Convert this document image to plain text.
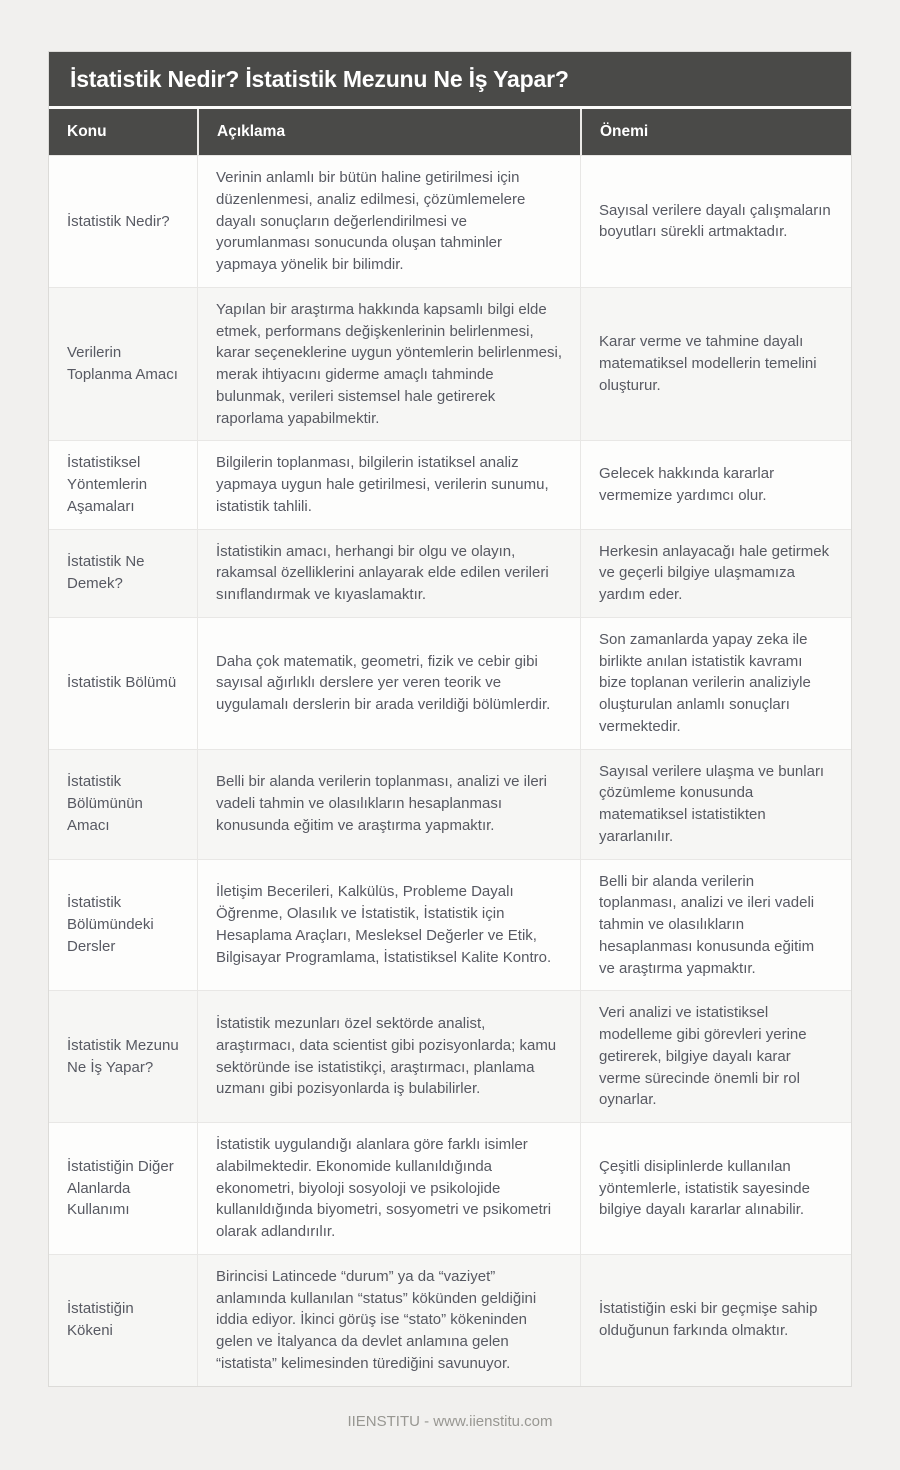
İstatistik Nedir? İstatistik Mezunu Ne İş Yapar?
Konu	Açıklama	Önemi
İstatistik Nedir?	Verinin anlamlı bir bütün haline getirilmesi için düzenlenmesi, analiz edilmesi, çözümlemelere dayalı sonuçların değerlendirilmesi ve yorumlanması sonucunda oluşan tahminler yapmaya yönelik bir bilimdir.	Sayısal verilere dayalı çalışmaların boyutları sürekli artmaktadır.
Verilerin Toplanma Amacı	Yapılan bir araştırma hakkında kapsamlı bilgi elde etmek, performans değişkenlerinin belirlenmesi, karar seçeneklerine uygun yöntemlerin belirlenmesi, merak ihtiyacını giderme amaçlı tahminde bulunmak, verileri sistemsel hale getirerek raporlama yapabilmektir.	Karar verme ve tahmine dayalı matematiksel modellerin temelini oluşturur.
İstatistiksel Yöntemlerin Aşamaları	Bilgilerin toplanması, bilgilerin istatiksel analiz yapmaya uygun hale getirilmesi, verilerin sunumu, istatistik tahlili.	Gelecek hakkında kararlar vermemize yardımcı olur.
İstatistik Ne Demek?	İstatistikin amacı, herhangi bir olgu ve olayın, rakamsal özelliklerini anlayarak elde edilen verileri sınıflandırmak ve kıyaslamaktır.	Herkesin anlayacağı hale getirmek ve geçerli bilgiye ulaşmamıza yardım eder.
İstatistik Bölümü	Daha çok matematik, geometri, fizik ve cebir gibi sayısal ağırlıklı derslere yer veren teorik ve uygulamalı derslerin bir arada verildiği bölümlerdir.	Son zamanlarda yapay zeka ile birlikte anılan istatistik kavramı bize toplanan verilerin analiziyle oluşturulan anlamlı sonuçları vermektedir.
İstatistik Bölümünün Amacı	Belli bir alanda verilerin toplanması, analizi ve ileri vadeli tahmin ve olasılıkların hesaplanması konusunda eğitim ve araştırma yapmaktır.	Sayısal verilere ulaşma ve bunları çözümleme konusunda matematiksel istatistikten yararlanılır.
İstatistik Bölümündeki Dersler	İletişim Becerileri, Kalkülüs, Probleme Dayalı Öğrenme, Olasılık ve İstatistik, İstatistik için Hesaplama Araçları, Mesleksel Değerler ve Etik, Bilgisayar Programlama, İstatistiksel Kalite Kontro.	Belli bir alanda verilerin toplanması, analizi ve ileri vadeli tahmin ve olasılıkların hesaplanması konusunda eğitim ve araştırma yapmaktır.
İstatistik Mezunu Ne İş Yapar?	İstatistik mezunları özel sektörde analist, araştırmacı, data scientist gibi pozisyonlarda; kamu sektöründe ise istatistikçi, araştırmacı, planlama uzmanı gibi pozisyonlarda iş bulabilirler.	Veri analizi ve istatistiksel modelleme gibi görevleri yerine getirerek, bilgiye dayalı karar verme sürecinde önemli bir rol oynarlar.
İstatistiğin Diğer Alanlarda Kullanımı	İstatistik uygulandığı alanlara göre farklı isimler alabilmektedir. Ekonomide kullanıldığında ekonometri, biyoloji sosyoloji ve psikolojide kullanıldığında biyometri, sosyometri ve psikometri olarak adlandırılır.	Çeşitli disiplinlerde kullanılan yöntemlerle, istatistik sayesinde bilgiye dayalı kararlar alınabilir.
İstatistiğin Kökeni	Birincisi Latincede “durum” ya da “vaziyet” anlamında kullanılan “status” kökünden geldiğini iddia ediyor. İkinci görüş ise “stato” kökeninden gelen ve İtalyanca da devlet anlamına gelen “istatista” kelimesinden türediğini savunuyor.	İstatistiğin eski bir geçmişe sahip olduğunun farkında olmaktır.
IIENSTITU - www.iienstitu.com
